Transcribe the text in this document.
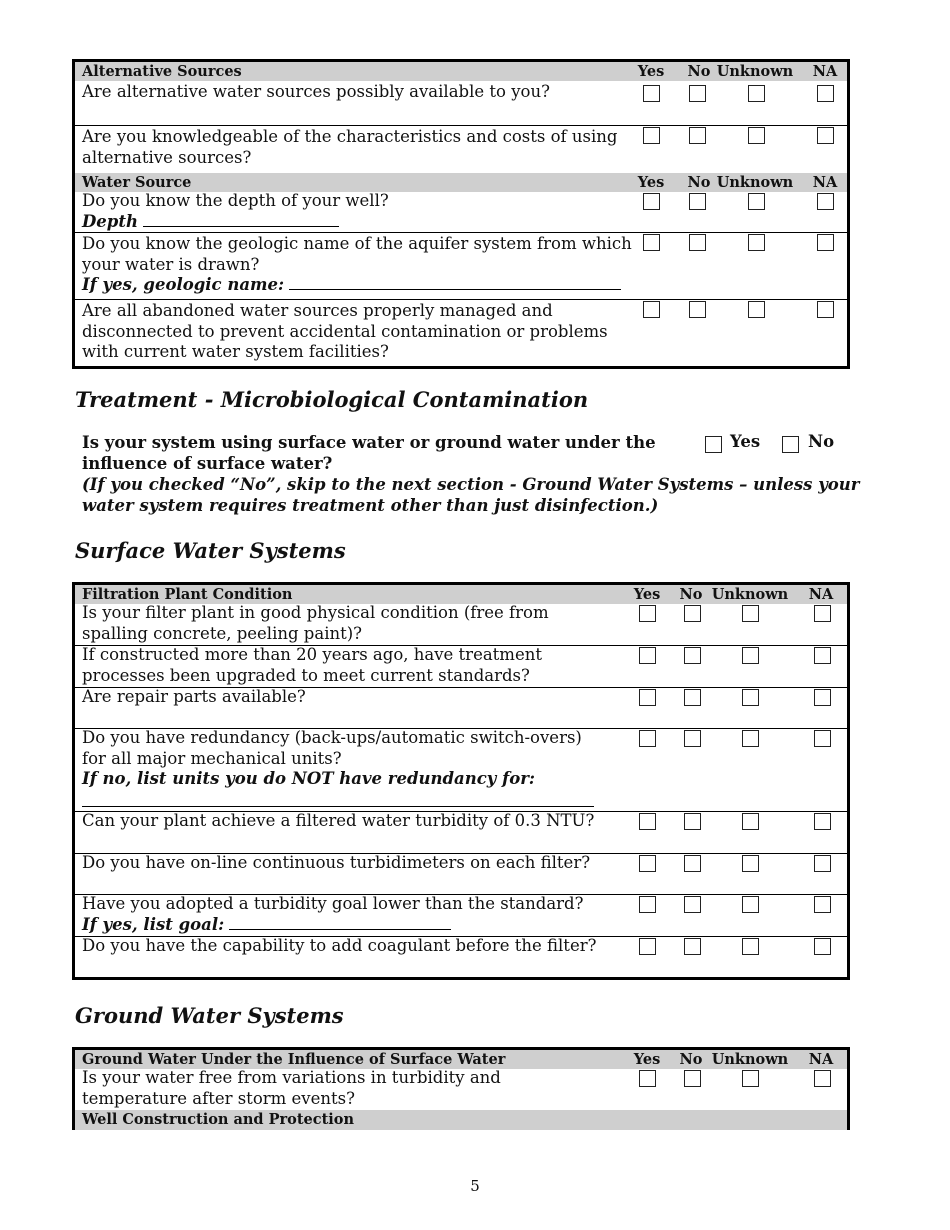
Alternative Sources	Yes	No Unknown	NA
Are alternative water sources possibly available to you?
Are you knowledgeable of the characteristics and costs of using
alternative sources?
Water Source	Yes	No Unknown	NA
Do you know the depth of your well?
Depth
Do you know the geologic name of the aquifer system from which
your water is drawn?
If yes, geologic name:
Are all abandoned water sources properly managed and
disconnected to prevent accidental contamination or problems
with current water system facilities?
Treatment - Microbiological Contamination
Is your system using surface water or ground water under the
influence of surface water?
(If you checked “No”, skip to the next section - Ground Water Systems – unless your
water system requires treatment other than just disinfection.)
Yes	No
Surface Water Systems
Filtration Plant Condition	Yes	No Unknown	NA
Is your filter plant in good physical condition (free from
spalling concrete, peeling paint)?
If constructed more than 20 years ago, have treatment
processes been upgraded to meet current standards?
Are repair parts available?
Do you have redundancy (back-ups/automatic switch-overs)
for all major mechanical units?
If no, list units you do NOT have redundancy for:
Can your plant achieve a filtered water turbidity of 0.3 NTU?
Do you have on-line continuous turbidimeters on each filter?
Have you adopted a turbidity goal lower than the standard?
If yes, list goal:
Do you have the capability to add coagulant before the filter?
Ground Water Systems
Ground Water Under the Influence of Surface Water	Yes	No Unknown	NA
Is your water free from variations in turbidity and
temperature after storm events?
Well Construction and Protection
5
